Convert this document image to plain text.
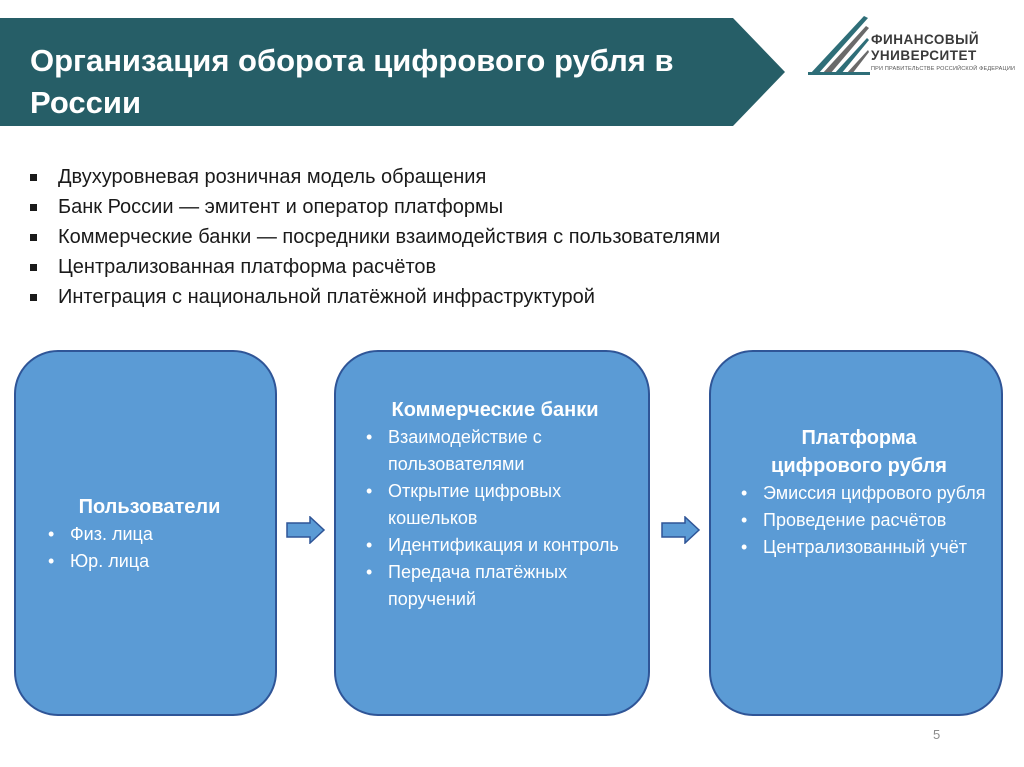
Организация оборота цифрового рубля в России
ФИНАНСОВЫЙ
УНИВЕРСИТЕТ
ПРИ ПРАВИТЕЛЬСТВЕ РОССИЙСКОЙ ФЕДЕРАЦИИ
Двухуровневая розничная модель обращения
Банк России — эмитент и оператор платформы
Коммерческие банки — посредники взаимодействия с пользователями
Централизованная платформа расчётов
Интеграция с национальной платёжной инфраструктурой
Пользователи
• Физ. лица
• Юр. лица
Коммерческие банки
• Взаимодействие с пользователями
• Открытие цифровых кошельков
• Идентификация и контроль
• Передача платёжных поручений
Платформа цифрового рубля
• Эмиссия цифрового рубля
• Проведение расчётов
• Централизованный учёт
5
